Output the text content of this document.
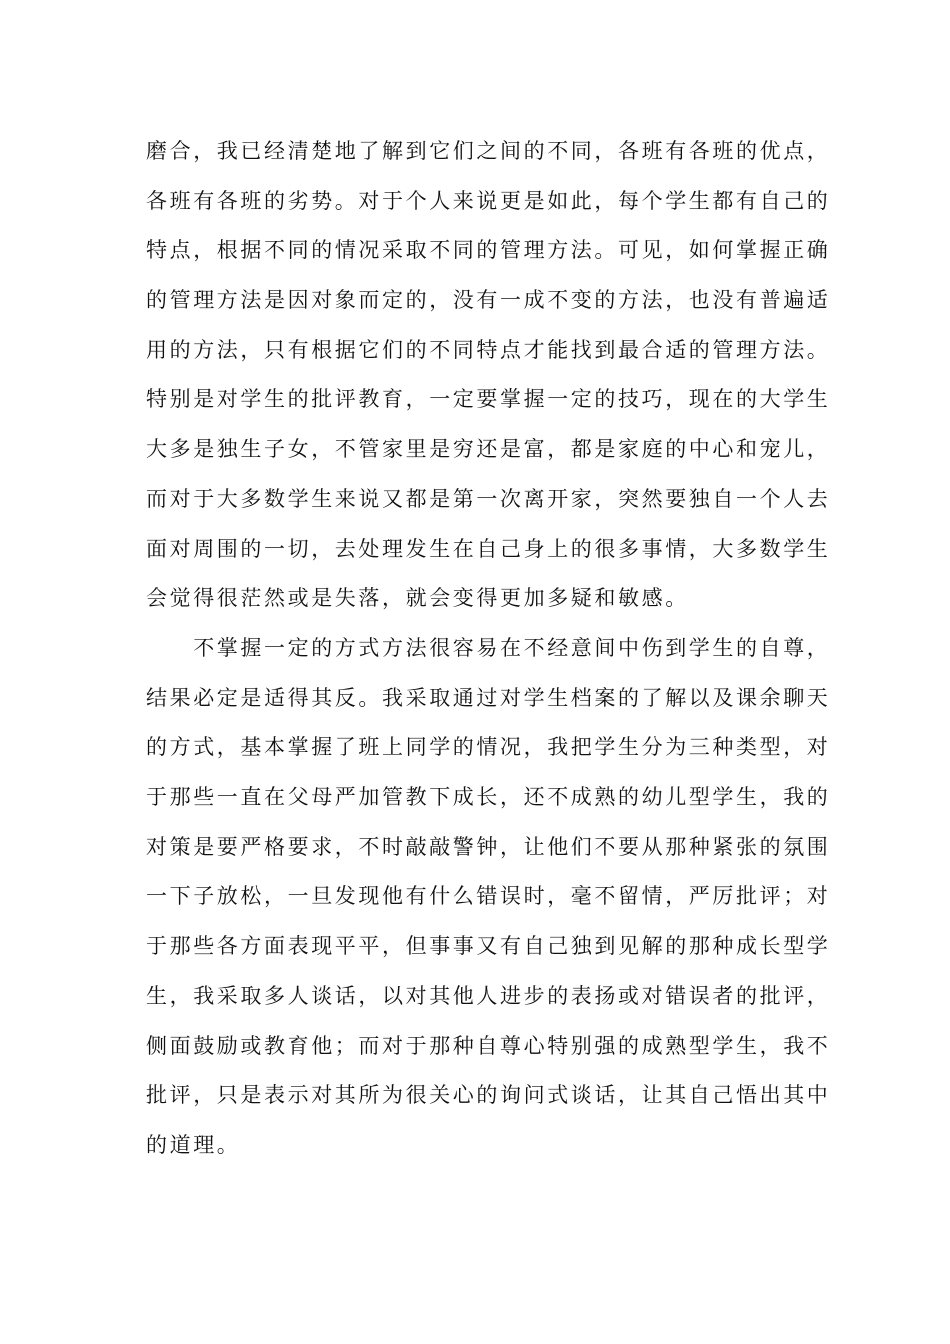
磨合，我已经清楚地了解到它们之间的不同，各班有各班的优点，
各班有各班的劣势。对于个人来说更是如此，每个学生都有自己的
特点，根据不同的情况采取不同的管理方法。可见，如何掌握正确
的管理方法是因对象而定的，没有一成不变的方法，也没有普遍适
用的方法，只有根据它们的不同特点才能找到最合适的管理方法。
特别是对学生的批评教育，一定要掌握一定的技巧，现在的大学生
大多是独生子女，不管家里是穷还是富，都是家庭的中心和宠儿，
而对于大多数学生来说又都是第一次离开家，突然要独自一个人去
面对周围的一切，去处理发生在自己身上的很多事情，大多数学生
会觉得很茫然或是失落，就会变得更加多疑和敏感。
　　不掌握一定的方式方法很容易在不经意间中伤到学生的自尊，
结果必定是适得其反。我采取通过对学生档案的了解以及课余聊天
的方式，基本掌握了班上同学的情况，我把学生分为三种类型，对
于那些一直在父母严加管教下成长，还不成熟的幼儿型学生，我的
对策是要严格要求，不时敲敲警钟，让他们不要从那种紧张的氛围
一下子放松，一旦发现他有什么错误时，毫不留情，严厉批评；对
于那些各方面表现平平，但事事又有自己独到见解的那种成长型学
生，我采取多人谈话，以对其他人进步的表扬或对错误者的批评，
侧面鼓励或教育他；而对于那种自尊心特别强的成熟型学生，我不
批评，只是表示对其所为很关心的询问式谈话，让其自己悟出其中
的道理。
